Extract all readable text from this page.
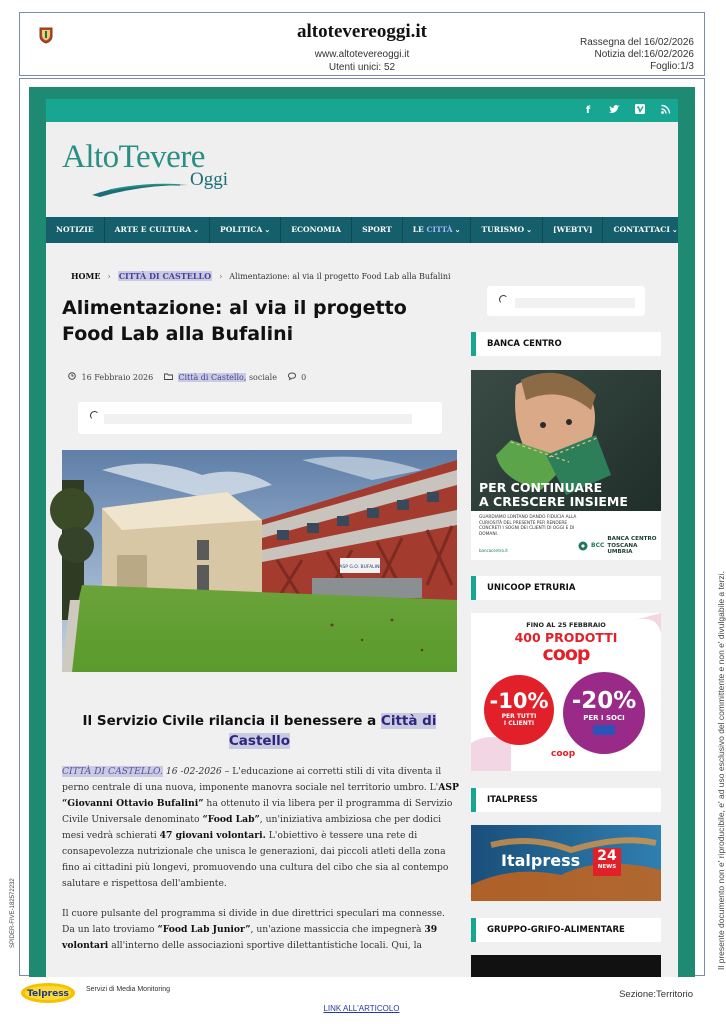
altotevereoggi.it
www.altotevereoggi.it
Utenti unici: 52
Rassegna del 16/02/2026
Notizia del:16/02/2026
Foglio:1/3
f
AltoTevere
Oggi
NOTIZIE	ARTE E CULTURA ⌄	POLITICA ⌄	ECONOMIA	SPORT	LE CITTÀ ⌄	TURISMO ⌄	[WEBTV]	CONTATTACI ⌄
HOME › CITTÀ DI CASTELLO › Alimentazione: al via il progetto Food Lab alla Bufalini
Alimentazione: al via il progetto Food Lab alla Bufalini
16 Febbraio 2026	Città di Castello, sociale	0
ASP G.O. BUFALINI
Il Servizio Civile rilancia il benessere a Città di Castello

CITTÀ DI CASTELLO. 16 -02-2026 – L'educazione ai corretti stili di vita diventa il perno centrale di una nuova, imponente manovra sociale nel territorio umbro. L'ASP “Giovanni Ottavio Bufalini” ha ottenuto il via libera per il programma di Servizio Civile Universale denominato “Food Lab”, un'iniziativa ambiziosa che per dodici mesi vedrà schierati 47 giovani volontari. L'obiettivo è tessere una rete di consapevolezza nutrizionale che unisca le generazioni, dai piccoli atleti della zona fino ai cittadini più longevi, promuovendo una cultura del cibo che sia al contempo salutare e rispettosa dell'ambiente.

Il cuore pulsante del programma si divide in due direttrici speculari ma connesse. Da un lato troviamo “Food Lab Junior”, un'azione massiccia che impegnerà 39 volontari all'interno delle associazioni sportive dilettantistiche locali. Qui, la

BANCA CENTRO
PER CONTINUARE
A CRESCERE INSIEME
GUARDIAMO LONTANO DANDO FIDUCIA ALLA CURIOSITÀ DEL PRESENTE PER RENDERE CONCRETI I SOGNI DEI CLIENTI DI OGGI E DI DOMANI.
bancacentro.it
BCC
BANCA CENTRO
TOSCANA UMBRIA
UNICOOP ETRURIA
FINO AL 25 FEBBRAIO
400 PRODOTTI
coop
-10%
PER TUTTI
I CLIENTI
-20%
PER I SOCI
coop
ITALPRESS
Italpress	24
NEWS
GRUPPO-GRIFO-ALIMENTARE
Telpress Servizi di Media Monitoring
LINK ALL'ARTICOLO
Sezione:Territorio
Il presente documento non e' riproducibile, e' ad uso esclusivo del committente e non e' divulgabile a terzi.
SPIDER-FIVE-182572232
